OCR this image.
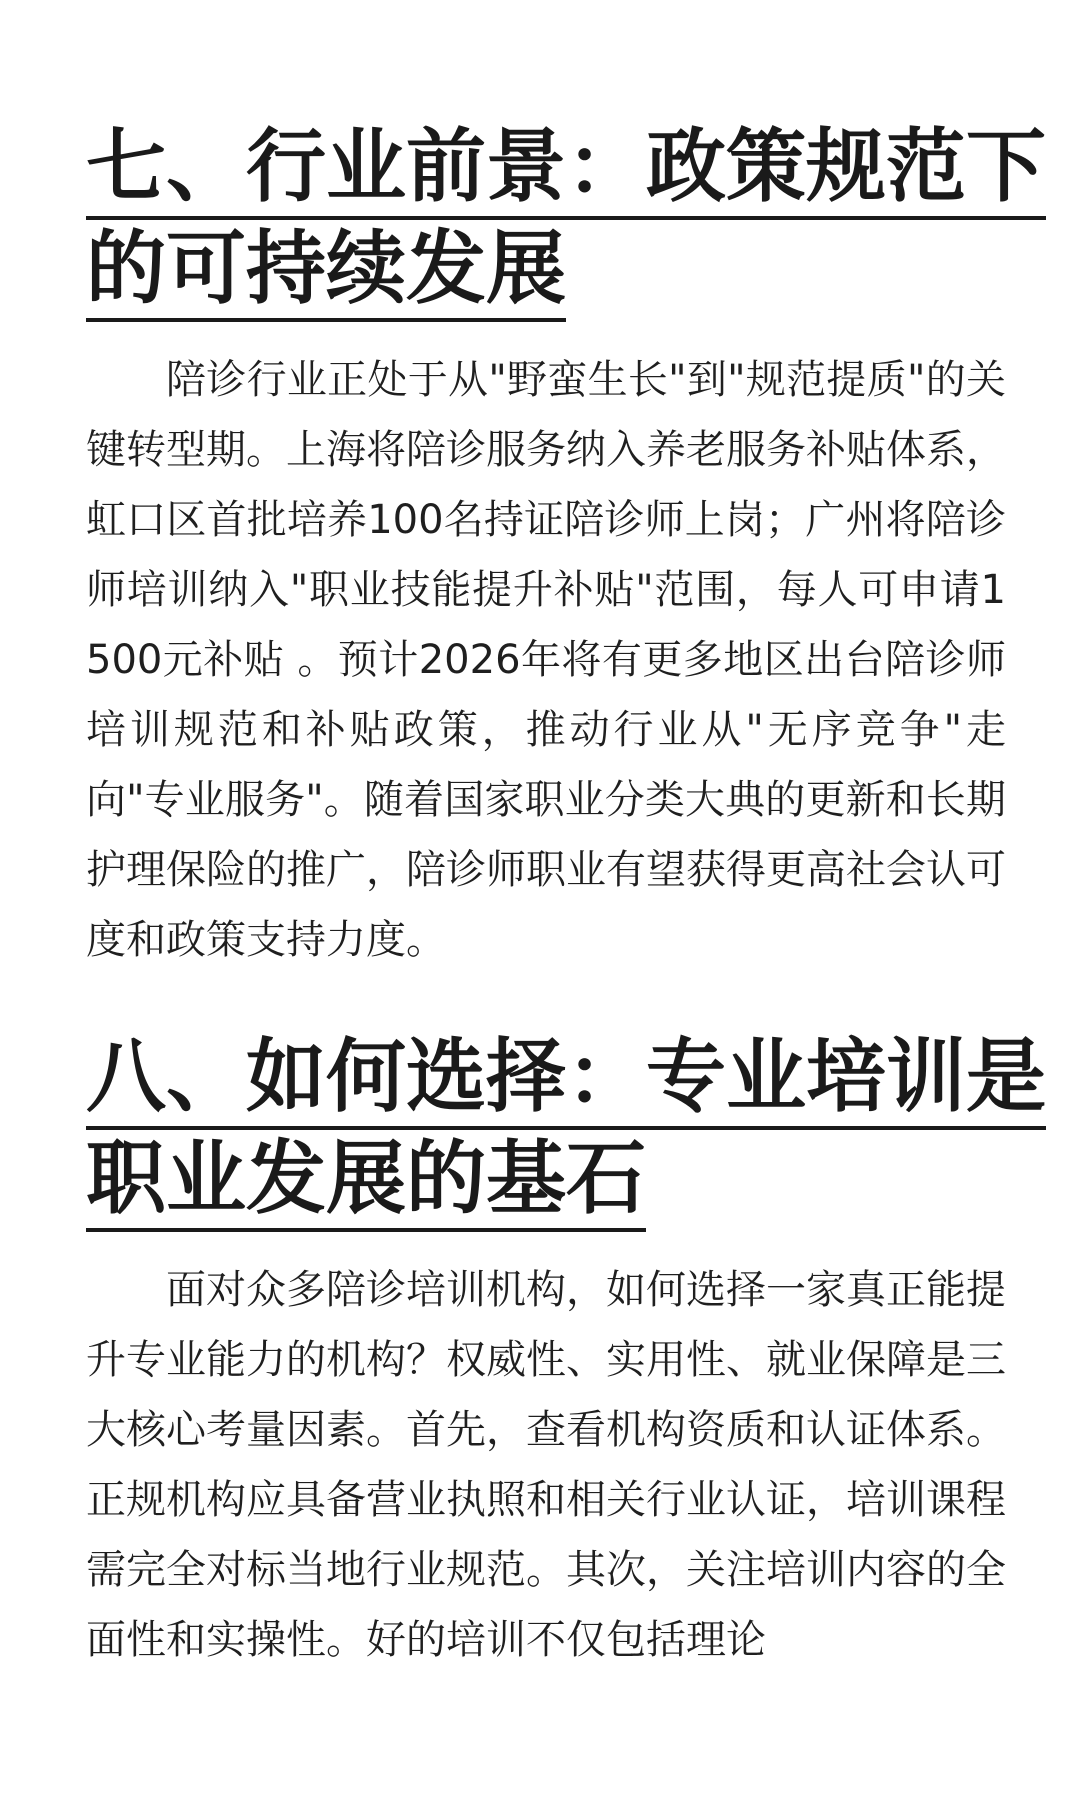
七、行业前景：政策规范下
的可持续发展

陪诊行业正处于从"野蛮生长"到"规范提质"的关键转型期。上海将陪诊服务纳入养老服务补贴体系，虹口区首批培养100名持证陪诊师上岗；广州将陪诊师培训纳入"职业技能提升补贴"范围，每人可申请1500元补贴 。预计2026年将有更多地区出台陪诊师培训规范和补贴政策，推动行业从"无序竞争"走向"专业服务"。随着国家职业分类大典的更新和长期护理保险的推广，陪诊师职业有望获得更高社会认可度和政策支持力度。

八、如何选择：专业培训是
职业发展的基石

面对众多陪诊培训机构，如何选择一家真正能提升专业能力的机构？权威性、实用性、就业保障是三大核心考量因素。首先，查看机构资质和认证体系。正规机构应具备营业执照和相关行业认证，培训课程需完全对标当地行业规范。其次，关注培训内容的全面性和实操性。好的培训不仅包括理论
